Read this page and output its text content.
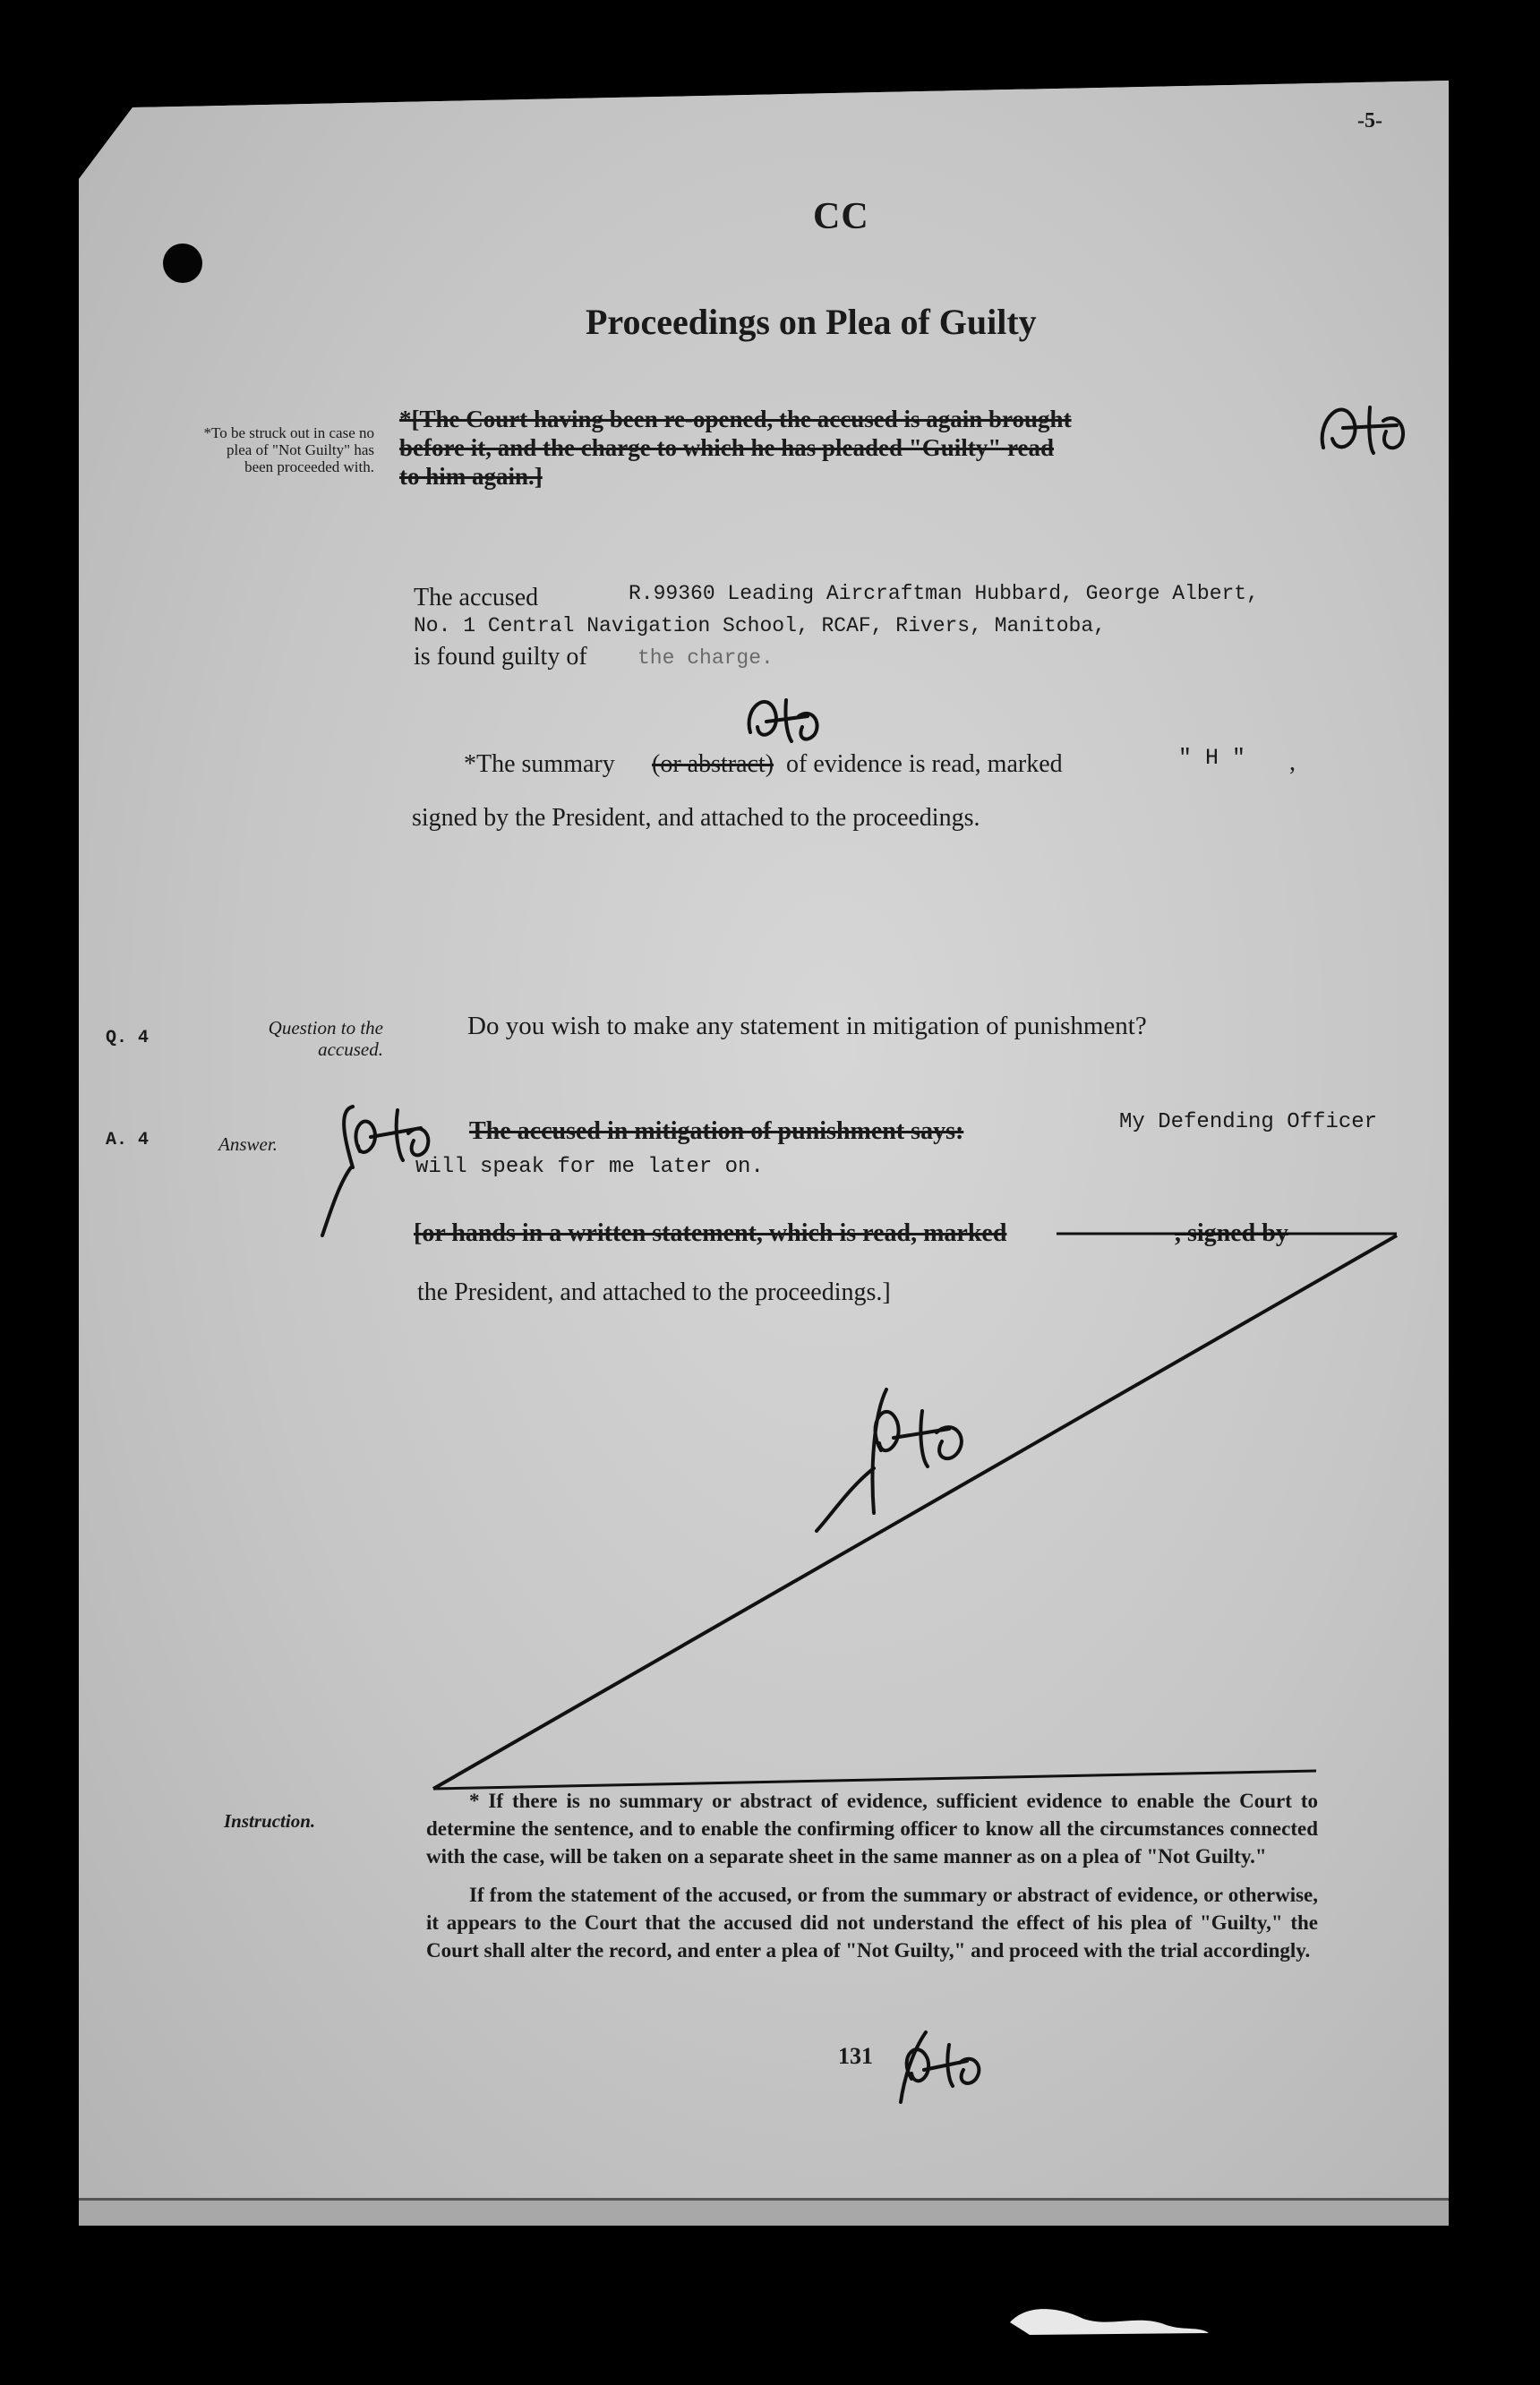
-5-
CC
Proceedings on Plea of Guilty
*To be struck out in case no plea of "Not Guilty" has been proceeded with.
*[The Court having been re-opened, the accused is again brought
before it, and the charge to which he has pleaded "Guilty" read
to him again.]
The accused	R.99360 Leading Aircraftman Hubbard, George Albert,
No. 1 Central Navigation School, RCAF, Rivers, Manitoba,
is found guilty of the charge.
*The summary (or abstract) of evidence is read, marked	" H " ,
signed by the President, and attached to the proceedings.
Q. 4	Question to the accused.
Do you wish to make any statement in mitigation of punishment?
A. 4	Answer.	The accused in mitigation of punishment says:	My Defending Officer
will speak for me later on.
[or hands in a written statement, which is read, marked	, signed by
the President, and attached to the proceedings.]
Instruction.

* If there is no summary or abstract of evidence, sufficient evidence to enable the Court to determine the sentence, and to enable the confirming officer to know all the circumstances connected with the case, will be taken on a separate sheet in the same manner as on a plea of "Not Guilty."

If from the statement of the accused, or from the summary or abstract of evidence, or otherwise, it appears to the Court that the accused did not understand the effect of his plea of "Guilty," the Court shall alter the record, and enter a plea of "Not Guilty," and proceed with the trial accordingly.

131
